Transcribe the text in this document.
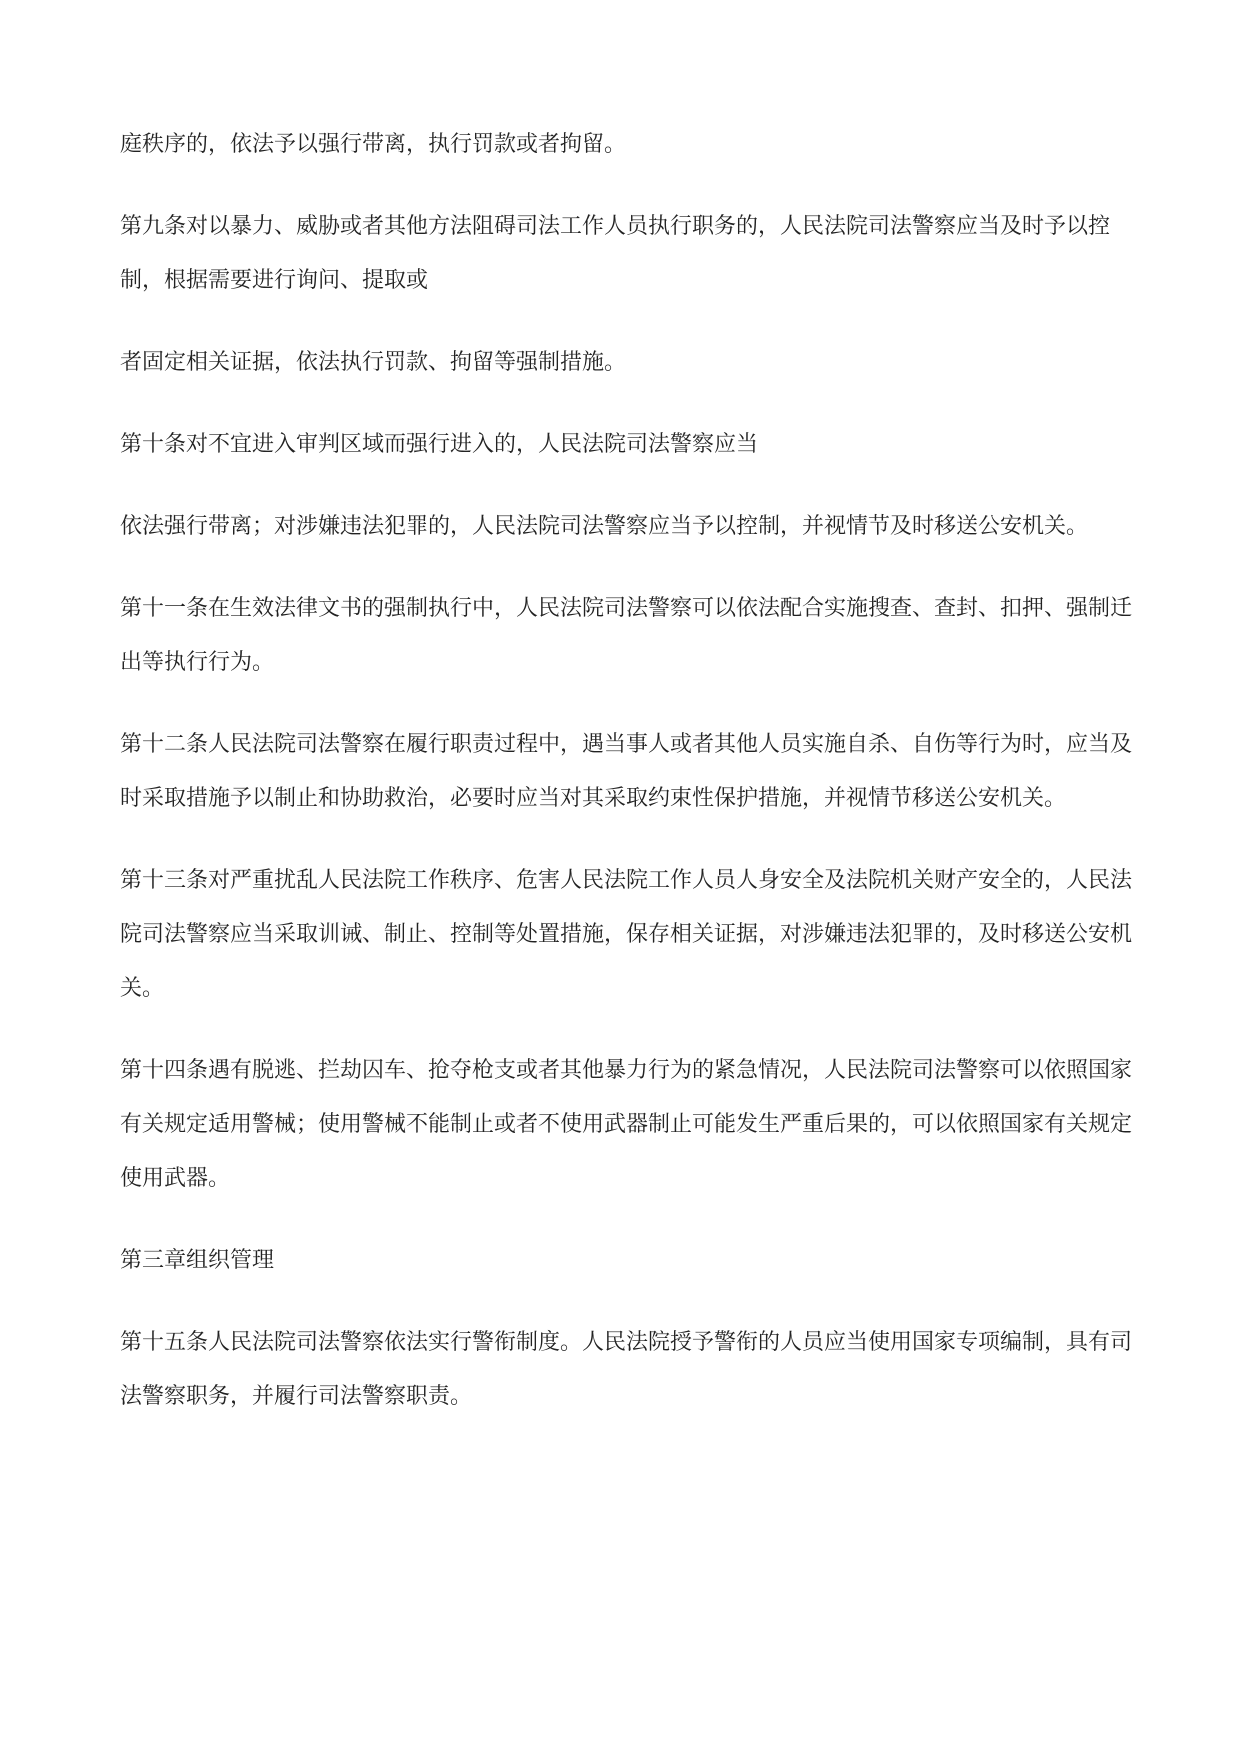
庭秩序的，依法予以强行带离，执行罚款或者拘留。

第九条对以暴力、威胁或者其他方法阻碍司法工作人员执行职务的，人民法院司法警察应当及时予以控制，根据需要进行询问、提取或

者固定相关证据，依法执行罚款、拘留等强制措施。

第十条对不宜进入审判区域而强行进入的，人民法院司法警察应当

依法强行带离；对涉嫌违法犯罪的，人民法院司法警察应当予以控制，并视情节及时移送公安机关。

第十一条在生效法律文书的强制执行中，人民法院司法警察可以依法配合实施搜查、查封、扣押、强制迁出等执行行为。

第十二条人民法院司法警察在履行职责过程中，遇当事人或者其他人员实施自杀、自伤等行为时，应当及时采取措施予以制止和协助救治，必要时应当对其采取约束性保护措施，并视情节移送公安机关。

第十三条对严重扰乱人民法院工作秩序、危害人民法院工作人员人身安全及法院机关财产安全的，人民法院司法警察应当采取训诫、制止、控制等处置措施，保存相关证据，对涉嫌违法犯罪的，及时移送公安机关。

第十四条遇有脱逃、拦劫囚车、抢夺枪支或者其他暴力行为的紧急情况，人民法院司法警察可以依照国家有关规定适用警械；使用警械不能制止或者不使用武器制止可能发生严重后果的，可以依照国家有关规定使用武器。

第三章组织管理

第十五条人民法院司法警察依法实行警衔制度。人民法院授予警衔的人员应当使用国家专项编制，具有司法警察职务，并履行司法警察职责。
